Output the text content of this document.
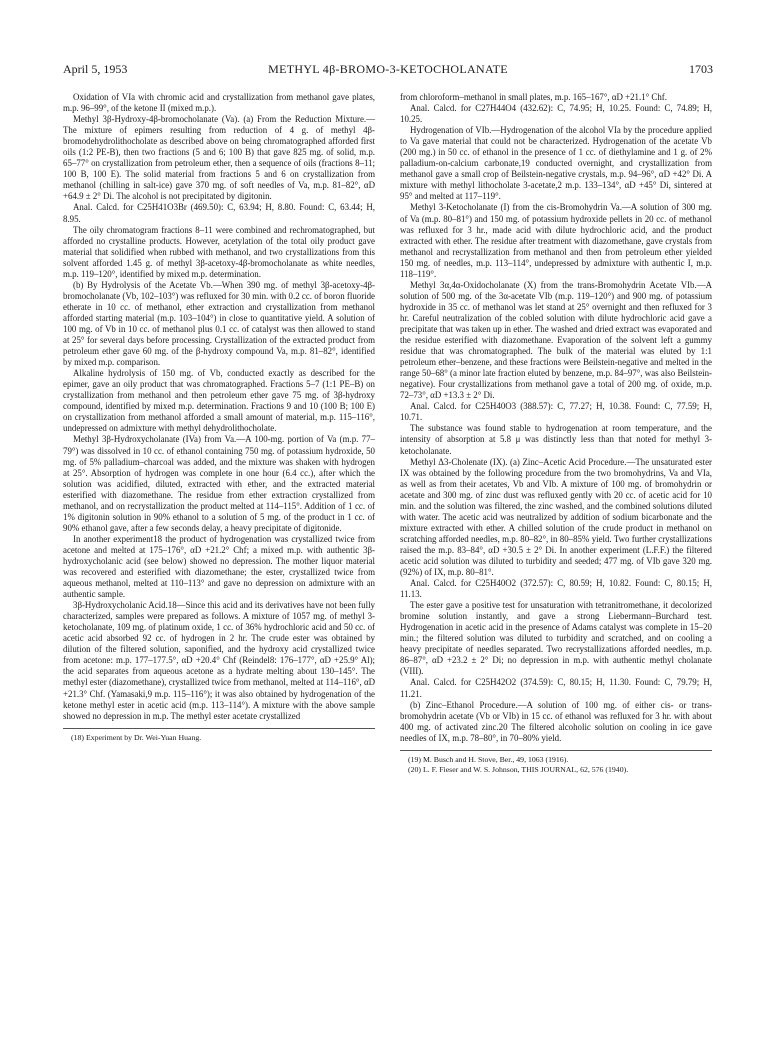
April 5, 1953	METHYL 4β-BROMO-3-KETOCHOLANATE	1703

Oxidation of VIa with chromic acid and crystallization from methanol gave plates, m.p. 96–99°, of the ketone II (mixed m.p.).

Methyl 3β-Hydroxy-4β-bromocholanate (Va). (a) From the Reduction Mixture.—The mixture of epimers resulting from reduction of 4 g. of methyl 4β-bromodehydrolithocholate as described above on being chromatographed afforded first oils (1:2 PE-B), then two fractions (5 and 6; 100 B) that gave 825 mg. of solid, m.p. 65–77° on crystallization from petroleum ether, then a sequence of oils (fractions 8–11; 100 B, 100 E). The solid material from fractions 5 and 6 on crystallization from methanol (chilling in salt-ice) gave 370 mg. of soft needles of Va, m.p. 81–82°, αD +64.9 ± 2° Di. The alcohol is not precipitated by digitonin.

Anal. Calcd. for C25H41O3Br (469.50): C, 63.94; H, 8.80. Found: C, 63.44; H, 8.95.

The oily chromatogram fractions 8–11 were combined and rechromatographed, but afforded no crystalline products. However, acetylation of the total oily product gave material that solidified when rubbed with methanol, and two crystallizations from this solvent afforded 1.45 g. of methyl 3β-acetoxy-4β-bromocholanate as white needles, m.p. 119–120°, identified by mixed m.p. determination.

(b) By Hydrolysis of the Acetate Vb.—When 390 mg. of methyl 3β-acetoxy-4β-bromocholanate (Vb, 102–103°) was refluxed for 30 min. with 0.2 cc. of boron fluoride etherate in 10 cc. of methanol, ether extraction and crystallization from methanol afforded starting material (m.p. 103–104°) in close to quantitative yield. A solution of 100 mg. of Vb in 10 cc. of methanol plus 0.1 cc. of catalyst was then allowed to stand at 25° for several days before processing. Crystallization of the extracted product from petroleum ether gave 60 mg. of the β-hydroxy compound Va, m.p. 81–82°, identified by mixed m.p. comparison.

Alkaline hydrolysis of 150 mg. of Vb, conducted exactly as described for the epimer, gave an oily product that was chromatographed. Fractions 5–7 (1:1 PE–B) on crystallization from methanol and then petroleum ether gave 75 mg. of 3β-hydroxy compound, identified by mixed m.p. determination. Fractions 9 and 10 (100 B; 100 E) on crystallization from methanol afforded a small amount of material, m.p. 115–116°, undepressed on admixture with methyl dehydrolithocholate.

Methyl 3β-Hydroxycholanate (IVa) from Va.—A 100-mg. portion of Va (m.p. 77–79°) was dissolved in 10 cc. of ethanol containing 750 mg. of potassium hydroxide, 50 mg. of 5% palladium–charcoal was added, and the mixture was shaken with hydrogen at 25°. Absorption of hydrogen was complete in one hour (6.4 cc.), after which the solution was acidified, diluted, extracted with ether, and the extracted material esterified with diazomethane. The residue from ether extraction crystallized from methanol, and on recrystallization the product melted at 114–115°. Addition of 1 cc. of 1% digitonin solution in 90% ethanol to a solution of 5 mg. of the product in 1 cc. of 90% ethanol gave, after a few seconds delay, a heavy precipitate of digitonide.

In another experiment18 the product of hydrogenation was crystallized twice from acetone and melted at 175–176°, αD +21.2° Chf; a mixed m.p. with authentic 3β-hydroxycholanic acid (see below) showed no depression. The mother liquor material was recovered and esterified with diazomethane; the ester, crystallized twice from aqueous methanol, melted at 110–113° and gave no depression on admixture with an authentic sample.

3β-Hydroxycholanic Acid.18—Since this acid and its derivatives have not been fully characterized, samples were prepared as follows. A mixture of 1057 mg. of methyl 3-ketocholanate, 109 mg. of platinum oxide, 1 cc. of 36% hydrochloric acid and 50 cc. of acetic acid absorbed 92 cc. of hydrogen in 2 hr. The crude ester was obtained by dilution of the filtered solution, saponified, and the hydroxy acid crystallized twice from acetone: m.p. 177–177.5°, αD +20.4° Chf (Reindel8: 176–177°, αD +25.9° Al); the acid separates from aqueous acetone as a hydrate melting about 130–145°. The methyl ester (diazomethane), crystallized twice from methanol, melted at 114–116°, αD +21.3° Chf. (Yamasaki,9 m.p. 115–116°); it was also obtained by hydrogenation of the ketone methyl ester in acetic acid (m.p. 113–114°). A mixture with the above sample showed no depression in m.p. The methyl ester acetate crystallized

(18) Experiment by Dr. Wei-Yuan Huang.

from chloroform–methanol in small plates, m.p. 165–167°, αD +21.1° Chf.

Anal. Calcd. for C27H44O4 (432.62): C, 74.95; H, 10.25. Found: C, 74.89; H, 10.25.

Hydrogenation of VIb.—Hydrogenation of the alcohol VIa by the procedure applied to Va gave material that could not be characterized. Hydrogenation of the acetate Vb (200 mg.) in 50 cc. of ethanol in the presence of 1 cc. of diethylamine and 1 g. of 2% palladium-on-calcium carbonate,19 conducted overnight, and crystallization from methanol gave a small crop of Beilstein-negative crystals, m.p. 94–96°, αD +42° Di. A mixture with methyl lithocholate 3-acetate,2 m.p. 133–134°, αD +45° Di, sintered at 95° and melted at 117–119°.

Methyl 3-Ketocholanate (I) from the cis-Bromohydrin Va.—A solution of 300 mg. of Va (m.p. 80–81°) and 150 mg. of potassium hydroxide pellets in 20 cc. of methanol was refluxed for 3 hr., made acid with dilute hydrochloric acid, and the product extracted with ether. The residue after treatment with diazomethane, gave crystals from methanol and recrystallization from methanol and then from petroleum ether yielded 150 mg. of needles, m.p. 113–114°, undepressed by admixture with authentic I, m.p. 118–119°.

Methyl 3α,4α-Oxidocholanate (X) from the trans-Bromohydrin Acetate VIb.—A solution of 500 mg. of the 3α-acetate VIb (m.p. 119–120°) and 900 mg. of potassium hydroxide in 35 cc. of methanol was let stand at 25° overnight and then refluxed for 3 hr. Careful neutralization of the cobled solution with dilute hydrochloric acid gave a precipitate that was taken up in ether. The washed and dried extract was evaporated and the residue esterified with diazomethane. Evaporation of the solvent left a gummy residue that was chromatographed. The bulk of the material was eluted by 1:1 petroleum ether–benzene, and these fractions were Beilstein-negative and melted in the range 50–68° (a minor late fraction eluted by benzene, m.p. 84–97°, was also Beilstein-negative). Four crystallizations from methanol gave a total of 200 mg. of oxide, m.p. 72–73°, αD +13.3 ± 2° Di.

Anal. Calcd. for C25H40O3 (388.57): C, 77.27; H, 10.38. Found: C, 77.59; H, 10.71.

The substance was found stable to hydrogenation at room temperature, and the intensity of absorption at 5.8 μ was distinctly less than that noted for methyl 3-ketocholanate.

Methyl Δ3-Cholenate (IX). (a) Zinc–Acetic Acid Procedure.—The unsaturated ester IX was obtained by the following procedure from the two bromohydrins, Va and VIa, as well as from their acetates, Vb and VIb. A mixture of 100 mg. of bromohydrin or acetate and 300 mg. of zinc dust was refluxed gently with 20 cc. of acetic acid for 10 min. and the solution was filtered, the zinc washed, and the combined solutions diluted with water. The acetic acid was neutralized by addition of sodium bicarbonate and the mixture extracted with ether. A chilled solution of the crude product in methanol on scratching afforded needles, m.p. 80–82°, in 80–85% yield. Two further crystallizations raised the m.p. 83–84°, αD +30.5 ± 2° Di. In another experiment (L.F.F.) the filtered acetic acid solution was diluted to turbidity and seeded; 477 mg. of VIb gave 320 mg. (92%) of IX, m.p. 80–81°.

Anal. Calcd. for C25H40O2 (372.57): C, 80.59; H, 10.82. Found: C, 80.15; H, 11.13.

The ester gave a positive test for unsaturation with tetranitromethane, it decolorized bromine solution instantly, and gave a strong Liebermann–Burchard test. Hydrogenation in acetic acid in the presence of Adams catalyst was complete in 15–20 min.; the filtered solution was diluted to turbidity and scratched, and on cooling a heavy precipitate of needles separated. Two recrystallizations afforded needles, m.p. 86–87°, αD +23.2 ± 2° Di; no depression in m.p. with authentic methyl cholanate (VIII).

Anal. Calcd. for C25H42O2 (374.59): C, 80.15; H, 11.30. Found: C, 79.79; H, 11.21.

(b) Zinc–Ethanol Procedure.—A solution of 100 mg. of either cis- or trans-bromohydrin acetate (Vb or VIb) in 15 cc. of ethanol was refluxed for 3 hr. with about 400 mg. of activated zinc.20 The filtered alcoholic solution on cooling in ice gave needles of IX, m.p. 78–80°, in 70–80% yield.

(19) M. Busch and H. Stove, Ber., 49, 1063 (1916).

(20) L. F. Fieser and W. S. Johnson, THIS JOURNAL, 62, 576 (1940).
